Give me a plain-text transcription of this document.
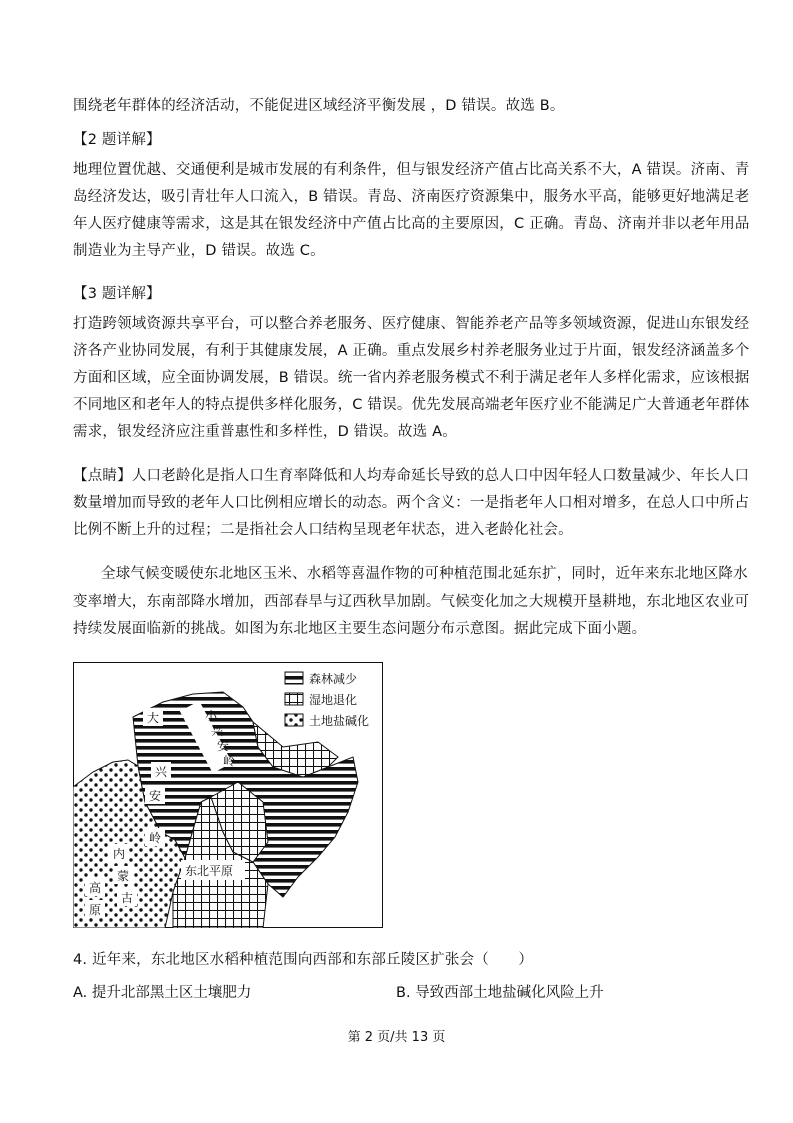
围绕老年群体的经济活动，不能促进区域经济平衡发展 ，D 错误。故选 B。
【2 题详解】
地理位置优越、交通便利是城市发展的有利条件，但与银发经济产值占比高关系不大，A 错误。济南、青
岛经济发达，吸引青壮年人口流入，B 错误。青岛、济南医疗资源集中，服务水平高，能够更好地满足老
年人医疗健康等需求，这是其在银发经济中产值占比高的主要原因，C 正确。青岛、济南并非以老年用品
制造业为主导产业，D 错误。故选 C。
【3 题详解】
打造跨领域资源共享平台，可以整合养老服务、医疗健康、智能养老产品等多领域资源，促进山东银发经
济各产业协同发展，有利于其健康发展，A 正确。重点发展乡村养老服务业过于片面，银发经济涵盖多个
方面和区域，应全面协调发展，B 错误。统一省内养老服务模式不利于满足老年人多样化需求，应该根据
不同地区和老年人的特点提供多样化服务，C 错误。优先发展高端老年医疗业不能满足广大普通老年群体
需求，银发经济应注重普惠性和多样性，D 错误。故选 A。
【点睛】人口老龄化是指人口生育率降低和人均寿命延长导致的总人口中因年轻人口数量减少、年长人口
数量增加而导致的老年人口比例相应增长的动态。两个含义：一是指老年人口相对增多，在总人口中所占
比例不断上升的过程；二是指社会人口结构呈现老年状态，进入老龄化社会。
全球气候变暖使东北地区玉米、水稻等喜温作物的可种植范围北延东扩，同时，近年来东北地区降水
变率增大，东南部降水增加，西部春旱与辽西秋旱加剧。气候变化加之大规模开垦耕地，东北地区农业可
持续发展面临新的挑战。如图为东北地区主要生态问题分布示意图。据此完成下面小题。
大
兴
安
岭
小
兴
安
岭
东北平原
内
蒙
古
高
原
森林减少
湿地退化
土地盐碱化
4. 近年来，东北地区水稻种植范围向西部和东部丘陵区扩张会（　　）
A. 提升北部黑土区土壤肥力	B. 导致西部土地盐碱化风险上升
第 2 页/共 13 页
